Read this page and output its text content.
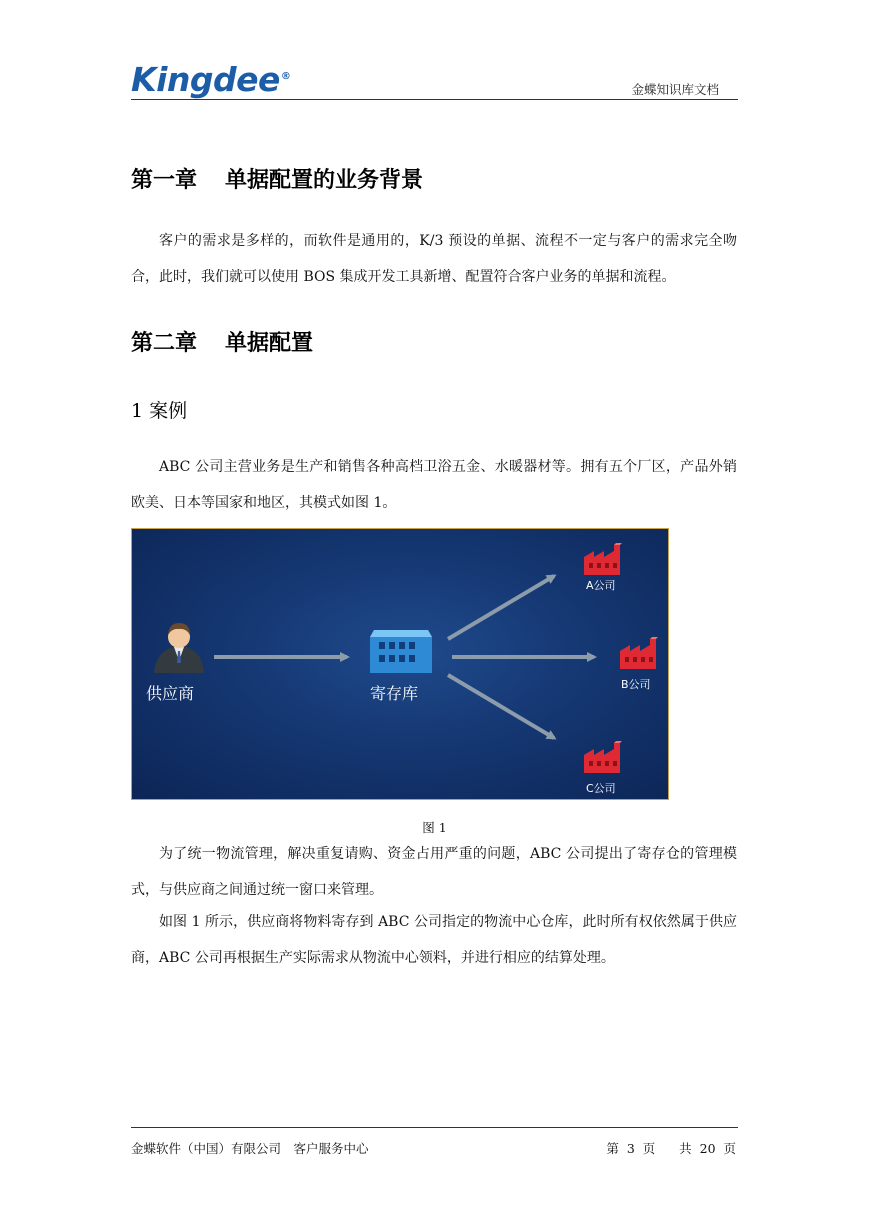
Kingdee®
金蝶知识库文档
第一章 单据配置的业务背景
客户的需求是多样的，而软件是通用的，K/3 预设的单据、流程不一定与客户的需求完全吻合，此时，我们就可以使用 BOS 集成开发工具新增、配置符合客户业务的单据和流程。
第二章 单据配置
1 案例
ABC 公司主营业务是生产和销售各种高档卫浴五金、水暖器材等。拥有五个厂区，产品外销欧美、日本等国家和地区，其模式如图 1。
供应商	寄存库
A公司
B公司
C公司
图 1
为了统一物流管理，解决重复请购、资金占用严重的问题，ABC 公司提出了寄存仓的管理模式，与供应商之间通过统一窗口来管理。
如图 1 所示，供应商将物料寄存到 ABC 公司指定的物流中心仓库，此时所有权依然属于供应商，ABC 公司再根据生产实际需求从物流中心领料，并进行相应的结算处理。
金蝶软件（中国）有限公司　客户服务中心	第 3 页 共 20 页
